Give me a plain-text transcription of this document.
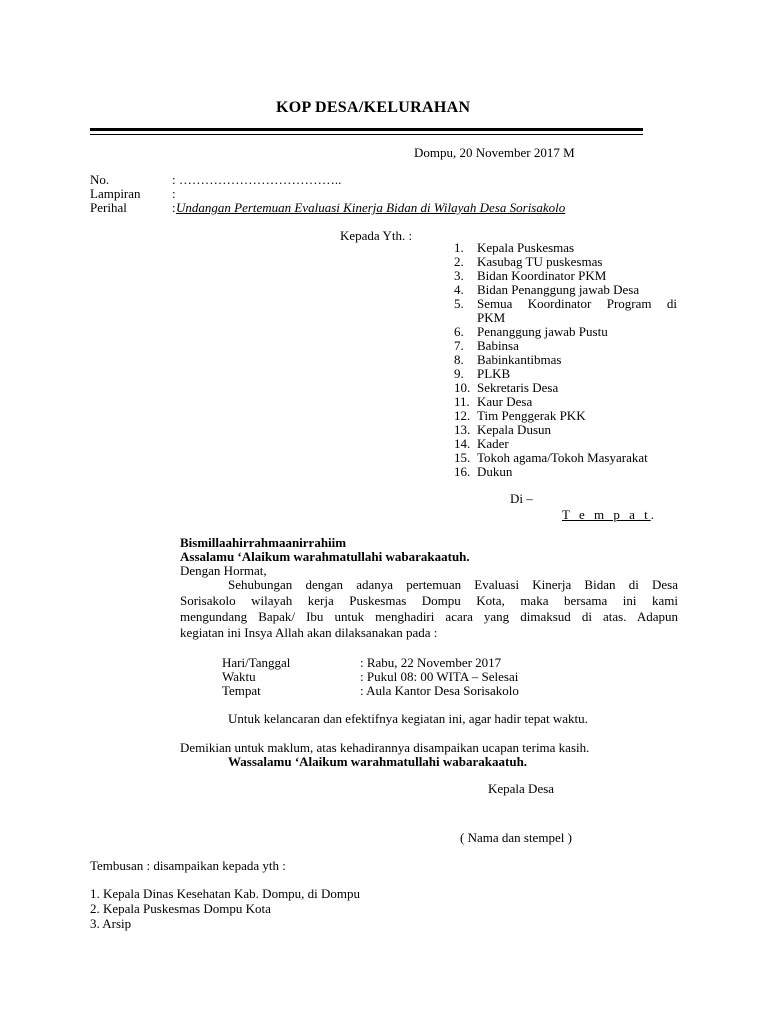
KOP DESA/KELURAHAN
Dompu, 20 November 2017 M
No.	: ………………………………..
Lampiran :
Perihal	: Undangan Pertemuan Evaluasi Kinerja Bidan di Wilayah Desa Sorisakolo
Kepada Yth. :
1. Kepala Puskesmas
2. Kasubag TU puskesmas
3. Bidan Koordinator PKM
4. Bidan Penanggung jawab Desa
5. Semua Koordinator Program di
PKM
6. Penanggung jawab Pustu
7. Babinsa
8. Babinkantibmas
9. PLKB
10. Sekretaris Desa
11. Kaur Desa
12. Tim Penggerak PKK
13. Kepala Dusun
14. Kader
15. Tokoh agama/Tokoh Masyarakat
16. Dukun
Di –
T e m p a t.
Bismillaahirrahmaanirrahiim
Assalamu ‘Alaikum warahmatullahi wabarakaatuh.
Dengan Hormat,
Sehubungan dengan adanya pertemuan Evaluasi Kinerja Bidan di Desa
Sorisakolo wilayah kerja Puskesmas Dompu Kota, maka bersama ini kami
mengundang Bapak/ Ibu untuk menghadiri acara yang dimaksud di atas. Adapun
kegiatan ini Insya Allah akan dilaksanakan pada :
Hari/Tanggal	: Rabu, 22 November 2017
Waktu	: Pukul 08: 00 WITA – Selesai
Tempat	: Aula Kantor Desa Sorisakolo
Untuk kelancaran dan efektifnya kegiatan ini, agar hadir tepat waktu.
Demikian untuk maklum, atas kehadirannya disampaikan ucapan terima kasih.
Wassalamu ‘Alaikum warahmatullahi wabarakaatuh.
Kepala Desa
( Nama dan stempel )
Tembusan : disampaikan kepada yth :
1. Kepala Dinas Kesehatan Kab. Dompu, di Dompu
2. Kepala Puskesmas Dompu Kota
3. Arsip
